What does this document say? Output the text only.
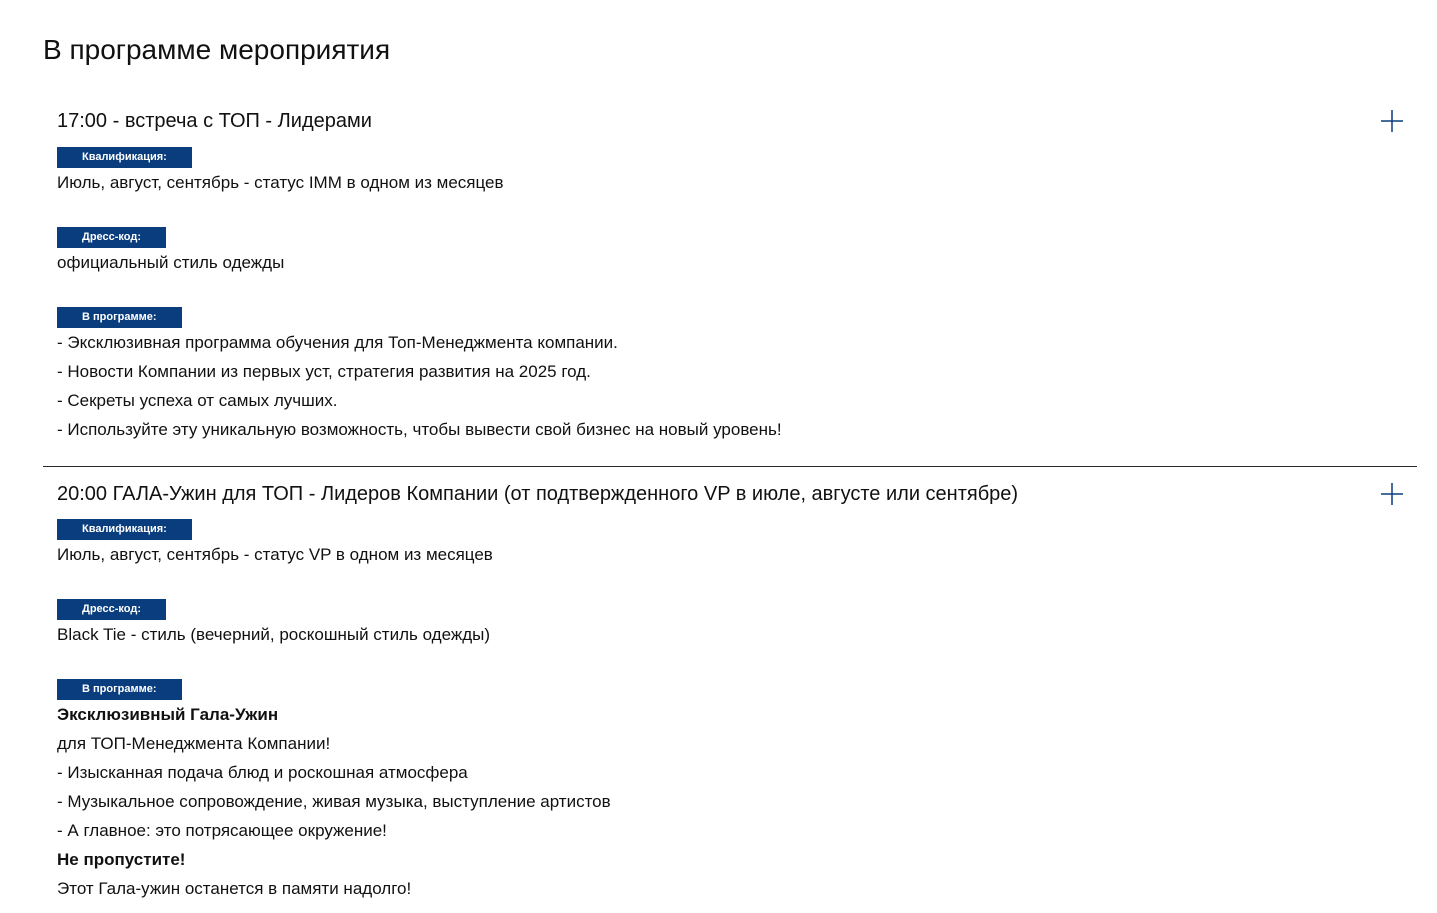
В программе мероприятия
17:00 - встреча с ТОП - Лидерами
Квалификация:
Июль, август, сентябрь - статус IMM в одном из месяцев
Дресс-код:
официальный стиль одежды
В программе:
- Эксклюзивная программа обучения для Топ-Менеджмента компании.
- Новости Компании из первых уст, стратегия развития на 2025 год.
- Секреты успеха от самых лучших.
- Используйте эту уникальную возможность, чтобы вывести свой бизнес на новый уровень!
20:00 ГАЛА-Ужин для ТОП - Лидеров Компании (от подтвержденного VP в июле, августе или сентябре)
Квалификация:
Июль, август, сентябрь - статус VP в одном из месяцев
Дресс-код:
Black Tie - стиль (вечерний, роскошный стиль одежды)
В программе:
Эксклюзивный Гала-Ужин
для ТОП-Менеджмента Компании!
- Изысканная подача блюд и роскошная атмосфера
- Музыкальное сопровождение, живая музыка, выступление артистов
- А главное: это потрясающее окружение!
Не пропустите!
Этот Гала-ужин останется в памяти надолго!
